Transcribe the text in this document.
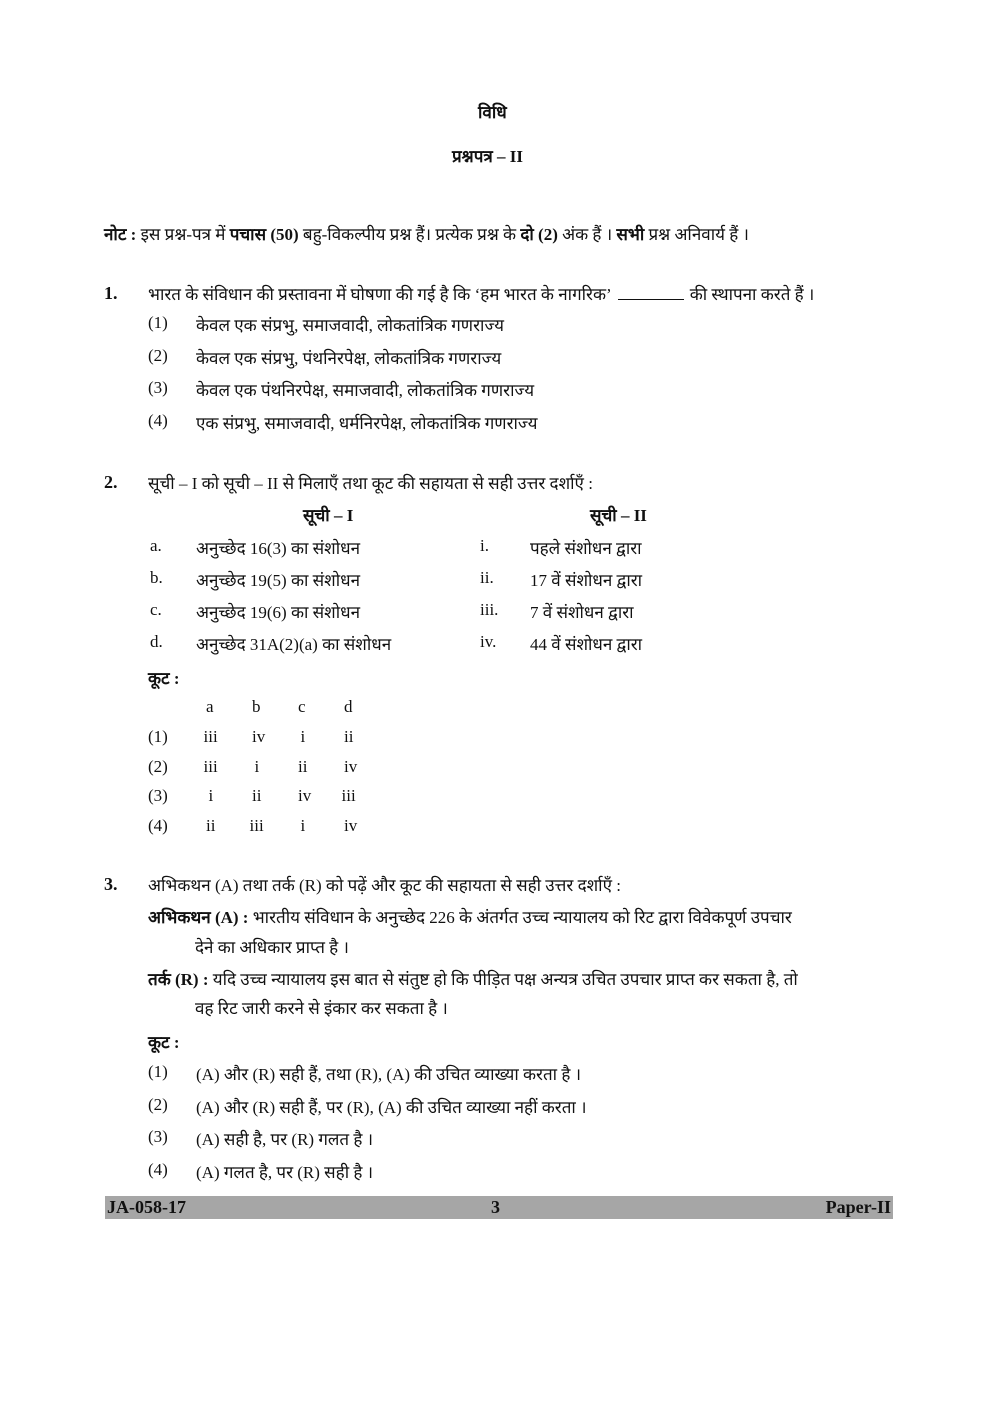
विधि
प्रश्नपत्र – II
नोट : इस प्रश्न-पत्र में पचास (50) बहु-विकल्पीय प्रश्न हैं। प्रत्येक प्रश्न के दो (2) अंक हैं । सभी प्रश्न अनिवार्य हैं ।
1. भारत के संविधान की प्रस्तावना में घोषणा की गई है कि ‘हम भारत के नागरिक’	की स्थापना करते हैं ।
(1) केवल एक संप्रभु, समाजवादी, लोकतांत्रिक गणराज्य
(2) केवल एक संप्रभु, पंथनिरपेक्ष, लोकतांत्रिक गणराज्य
(3) केवल एक पंथनिरपेक्ष, समाजवादी, लोकतांत्रिक गणराज्य
(4) एक संप्रभु, समाजवादी, धर्मनिरपेक्ष, लोकतांत्रिक गणराज्य
2. सूची – I को सूची – II से मिलाएँ तथा कूट की सहायता से सही उत्तर दर्शाएँ :
सूची – I	सूची – II
a. अनुच्छेद 16(3) का संशोधन	i. पहले संशोधन द्वारा
b. अनुच्छेद 19(5) का संशोधन	ii. 17 वें संशोधन द्वारा
c. अनुच्छेद 19(6) का संशोधन	iii. 7 वें संशोधन द्वारा
d. अनुच्छेद 31A(2)(a) का संशोधन	iv. 44 वें संशोधन द्वारा
कूट :
a b c d
(1) iii iv i ii
(2) iii i ii iv
(3) i ii iv iii
(4) ii iii i iv
3. अभिकथन (A) तथा तर्क (R) को पढ़ें और कूट की सहायता से सही उत्तर दर्शाएँ :
अभिकथन (A) : भारतीय संविधान के अनुच्छेद 226 के अंतर्गत उच्च न्यायालय को रिट द्वारा विवेकपूर्ण उपचार
देने का अधिकार प्राप्त है ।
तर्क (R) : यदि उच्च न्यायालय इस बात से संतुष्ट हो कि पीड़ित पक्ष अन्यत्र उचित उपचार प्राप्त कर सकता है, तो
वह रिट जारी करने से इंकार कर सकता है ।
कूट :
(1) (A) और (R) सही हैं, तथा (R), (A) की उचित व्याख्या करता है ।
(2) (A) और (R) सही हैं, पर (R), (A) की उचित व्याख्या नहीं करता ।
(3) (A) सही है, पर (R) गलत है ।
(4) (A) गलत है, पर (R) सही है ।
JA-058-17	3	Paper-II
